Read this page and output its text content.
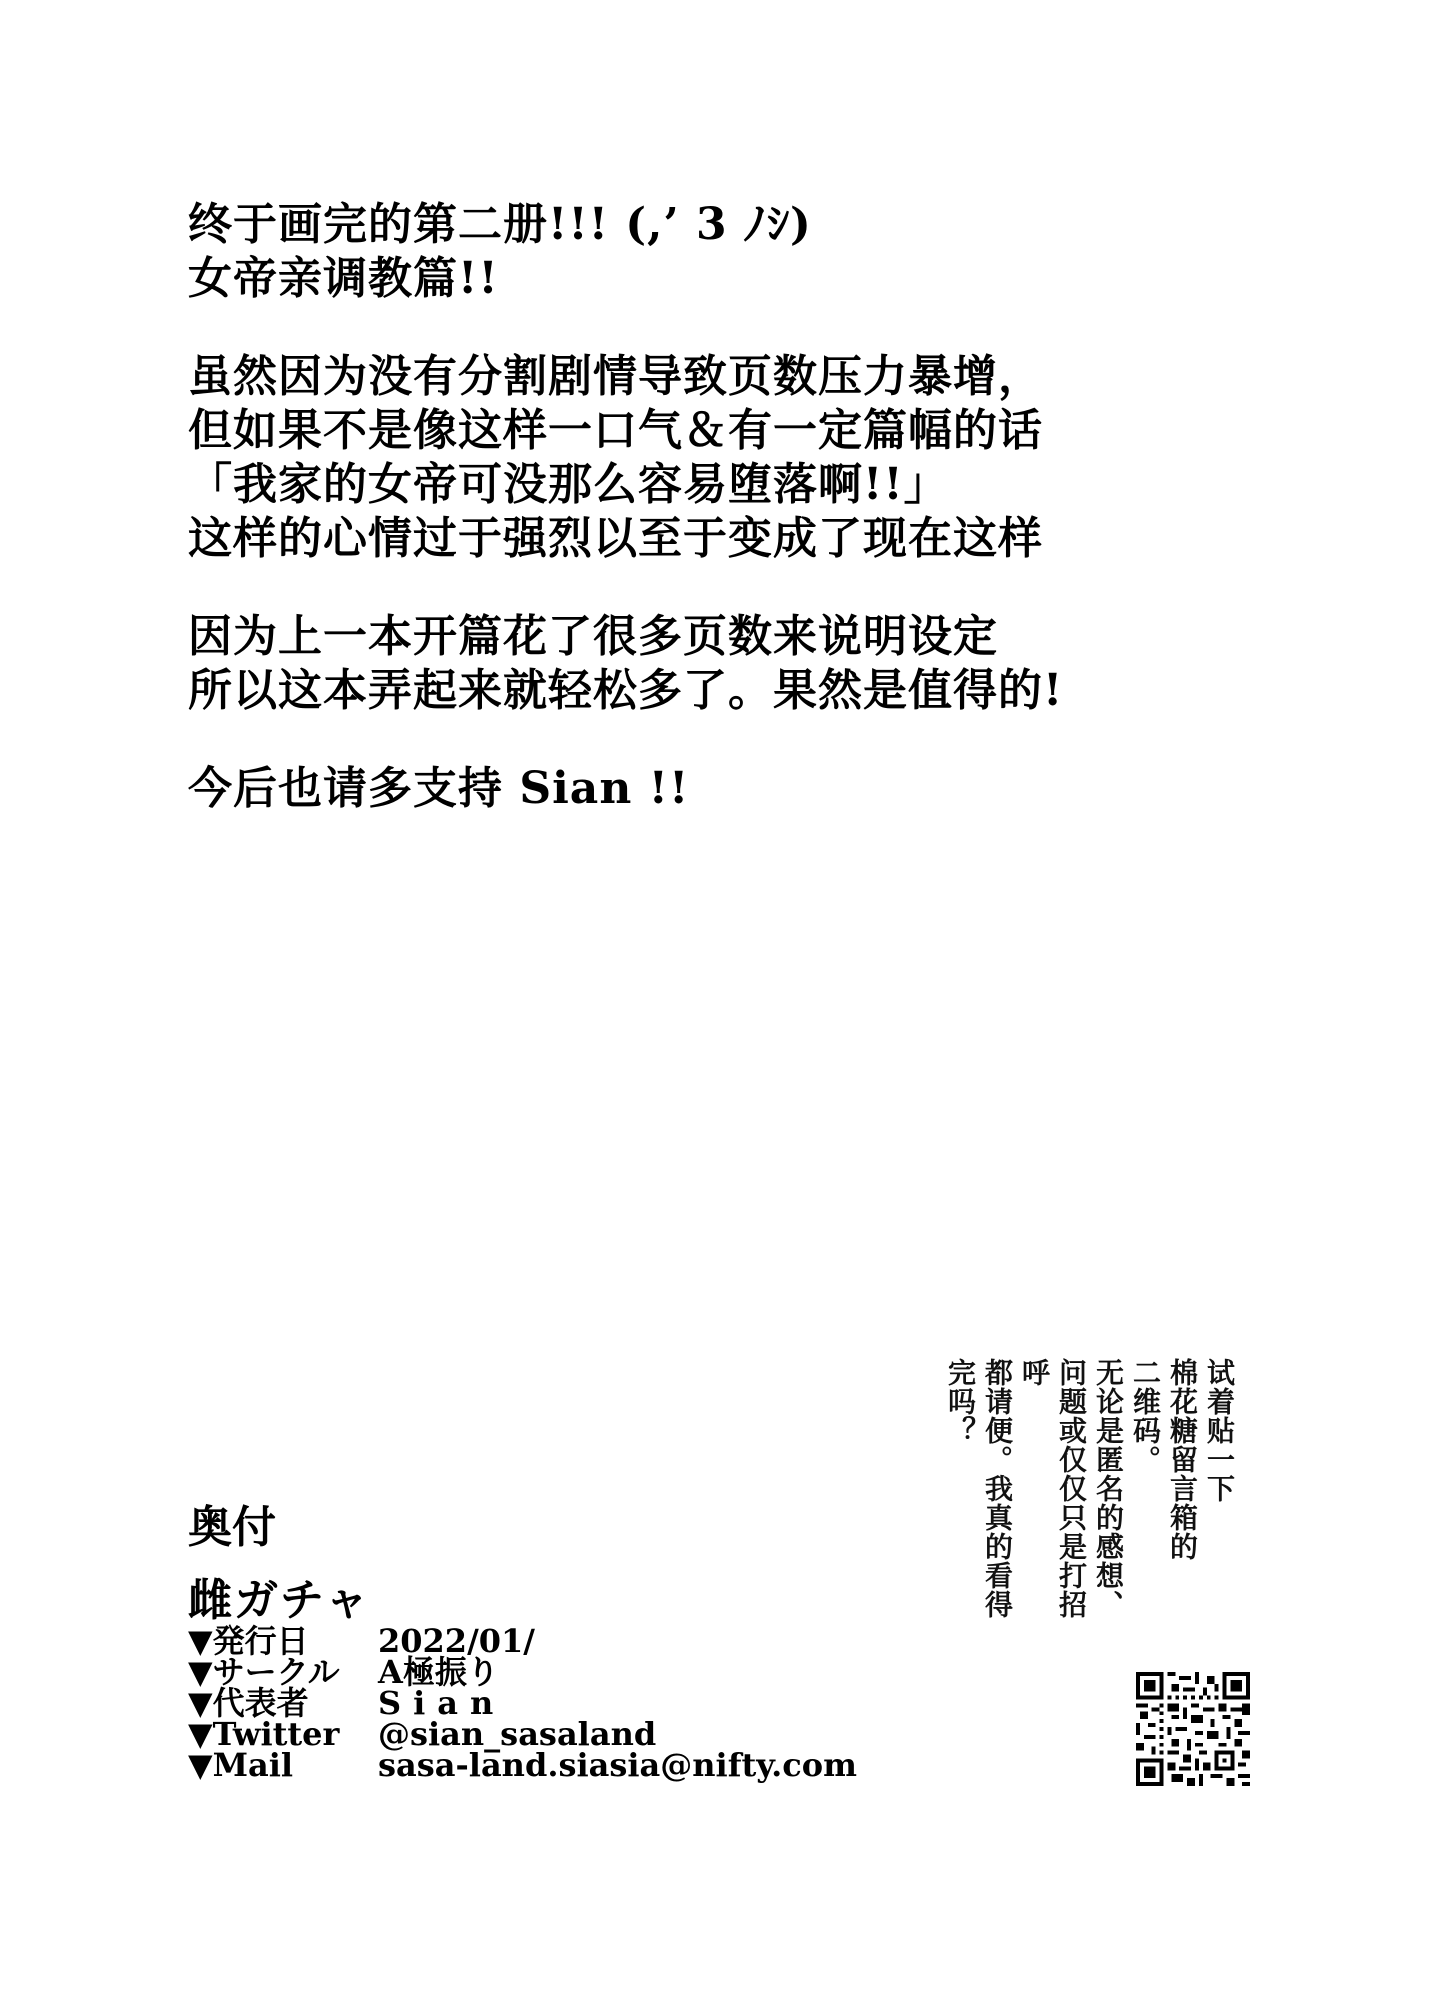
终于画完的第二册!!! (,’ 3 ﾉｼ)
女帝亲调教篇!!
虽然因为没有分割剧情导致页数压力暴增，
但如果不是像这样一口气＆有一定篇幅的话
「我家的女帝可没那么容易堕落啊!!」
这样的心情过于强烈以至于变成了现在这样
因为上一本开篇花了很多页数来说明设定
所以这本弄起来就轻松多了。果然是值得的!
今后也请多支持 Sian !!
奥付
雌ガチャ
▼発行日	2022/01/
▼サークル	A極振り
▼代表者	Sian
▼Twitter	@sian_sasaland
▼Mail	sasa-land.siasia@nifty.com
试着贴一下
棉花糖留言箱的
二维码。
无论是匿名的感想、
问题或仅仅只是打招呼
都请便。我真的看得完吗？
